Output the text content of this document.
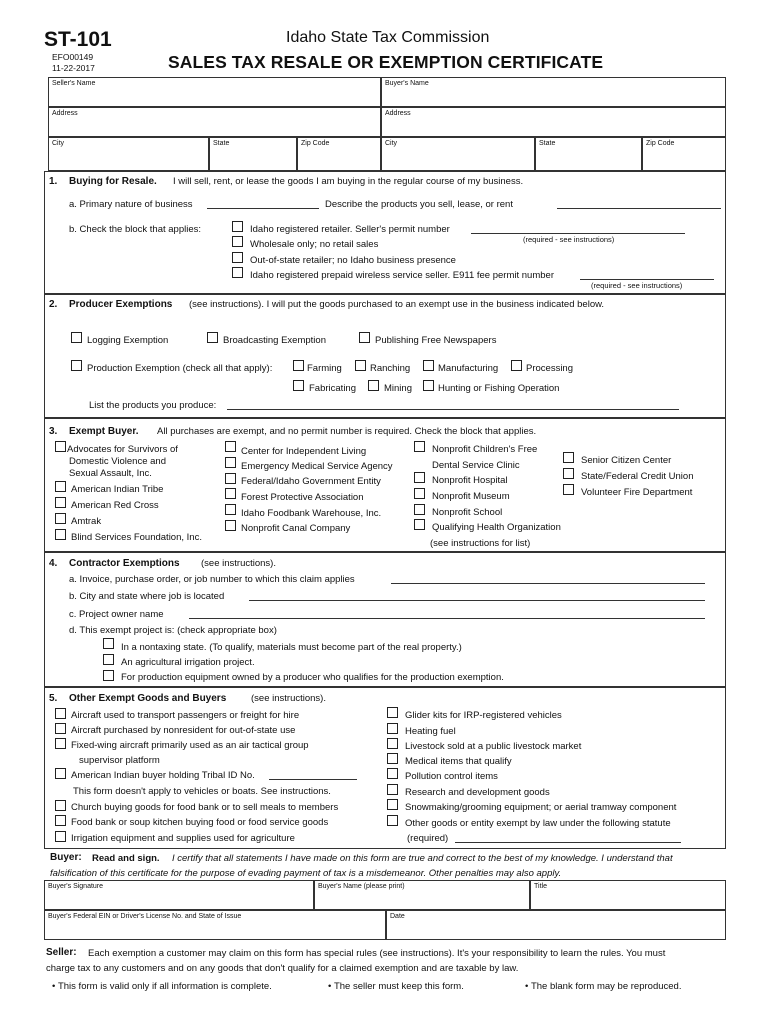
ST-101
EFO00149
11-22-2017
Idaho State Tax Commission
SALES TAX RESALE OR EXEMPTION CERTIFICATE
Seller's Name	Buyer's Name
Address	Address
City	State	Zip Code	City	State	Zip Code
1. Buying for Resale. I will sell, rent, or lease the goods I am buying in the regular course of my business.
a. Primary nature of business	Describe the products you sell, lease, or rent
b. Check the block that applies:	Idaho registered retailer. Seller's permit number
(required - see instructions)
Wholesale only; no retail sales
Out-of-state retailer; no Idaho business presence
Idaho registered prepaid wireless service seller. E911 fee permit number
(required - see instructions)
2. Producer Exemptions (see instructions). I will put the goods purchased to an exempt use in the business indicated below.
Logging Exemption	Broadcasting Exemption	Publishing Free Newspapers
Production Exemption (check all that apply):	Farming	Ranching	Manufacturing	Processing
Fabricating	Mining	Hunting or Fishing Operation
List the products you produce:
3. Exempt Buyer. All purchases are exempt, and no permit number is required. Check the block that applies.
Advocates for Survivors of
Domestic Violence and
Sexual Assault, Inc.
American Indian Tribe
American Red Cross
Amtrak
Blind Services Foundation, Inc.
Center for Independent Living
Emergency Medical Service Agency
Federal/Idaho Government Entity
Forest Protective Association
Idaho Foodbank Warehouse, Inc.
Nonprofit Canal Company
Nonprofit Children's Free
Dental Service Clinic
Nonprofit Hospital
Nonprofit Museum
Nonprofit School
Qualifying Health Organization
(see instructions for list)
Senior Citizen Center
State/Federal Credit Union
Volunteer Fire Department
4. Contractor Exemptions (see instructions).
a. Invoice, purchase order, or job number to which this claim applies
b. City and state where job is located
c. Project owner name
d. This exempt project is: (check appropriate box)
In a nontaxing state. (To qualify, materials must become part of the real property.)
An agricultural irrigation project.
For production equipment owned by a producer who qualifies for the production exemption.
5. Other Exempt Goods and Buyers	(see instructions).
Aircraft used to transport passengers or freight for hire
Aircraft purchased by nonresident for out-of-state use
Fixed-wing aircraft primarily used as an air tactical group
supervisor platform
American Indian buyer holding Tribal ID No.
This form doesn't apply to vehicles or boats. See instructions.
Church buying goods for food bank or to sell meals to members
Food bank or soup kitchen buying food or food service goods
Irrigation equipment and supplies used for agriculture
Glider kits for IRP-registered vehicles
Heating fuel
Livestock sold at a public livestock market
Medical items that qualify
Pollution control items
Research and development goods
Snowmaking/grooming equipment; or aerial tramway component
Other goods or entity exempt by law under the following statute
(required)
Buyer: Read and sign. I certify that all statements I have made on this form are true and correct to the best of my knowledge. I understand that
falsification of this certificate for the purpose of evading payment of tax is a misdemeanor. Other penalties may also apply.
Buyer's Signature	Buyer's Name (please print)	Title
Buyer's Federal EIN or Driver's License No. and State of Issue	Date
Seller: Each exemption a customer may claim on this form has special rules (see instructions). It's your responsibility to learn the rules. You must
charge tax to any customers and on any goods that don't qualify for a claimed exemption and are taxable by law.
• This form is valid only if all information is complete.	• The seller must keep this form.	• The blank form may be reproduced.
